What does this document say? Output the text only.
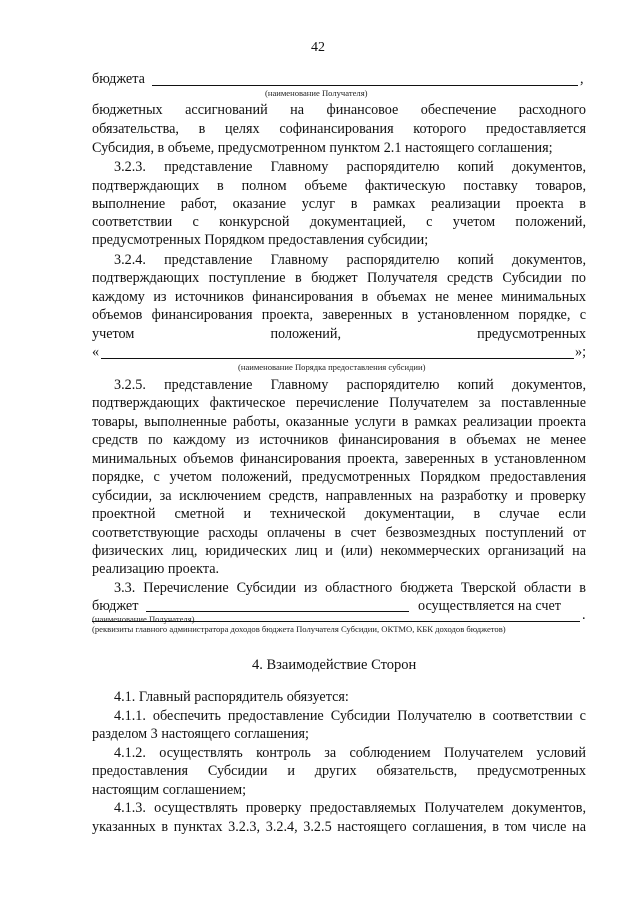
42
бюджета	,
(наименование Получателя)
бюджетных ассигнований на финансовое обеспечение расходного
обязательства, в целях софинансирования которого предоставляется
Субсидия, в объеме, предусмотренном пунктом 2.1 настоящего соглашения;
3.2.3. представление Главному распорядителю копий документов,
подтверждающих в полном объеме фактическую поставку товаров,
выполнение работ, оказание услуг в рамках реализации проекта в
соответствии с конкурсной документацией, с учетом положений,
предусмотренных Порядком предоставления субсидии;
3.2.4. представление Главному распорядителю копий документов,
подтверждающих поступление в бюджет Получателя средств Субсидии по
каждому из источников финансирования в объемах не менее минимальных
объемов финансирования проекта, заверенных в установленном порядке, с
учетом положений, предусмотренных
«	»;
(наименование Порядка предоставления субсидии)
3.2.5. представление Главному распорядителю копий документов,
подтверждающих фактическое перечисление Получателем за поставленные
товары, выполненные работы, оказанные услуги в рамках реализации проекта
средств по каждому из источников финансирования в объемах не менее
минимальных объемов финансирования проекта, заверенных в установленном
порядке, с учетом положений, предусмотренных Порядком предоставления
субсидии, за исключением средств, направленных на разработку и проверку
проектной сметной и технической документации, в случае если
соответствующие расходы оплачены в счет безвозмездных поступлений от
физических лиц, юридических лиц и (или) некоммерческих организаций на
реализацию проекта.
3.3. Перечисление Субсидии из областного бюджета Тверской области в
бюджет	осуществляется на счет
(наименование Получателя)	.
(реквизиты главного администратора доходов бюджета Получателя Субсидии, ОКТМО, КБК доходов бюджетов)
4. Взаимодействие Сторон
4.1. Главный распорядитель обязуется:
4.1.1. обеспечить предоставление Субсидии Получателю в соответствии с
разделом 3 настоящего соглашения;
4.1.2. осуществлять контроль за соблюдением Получателем условий
предоставления Субсидии и других обязательств, предусмотренных
настоящим соглашением;
4.1.3. осуществлять проверку предоставляемых Получателем документов,
указанных в пунктах 3.2.3, 3.2.4, 3.2.5 настоящего соглашения, в том числе на
